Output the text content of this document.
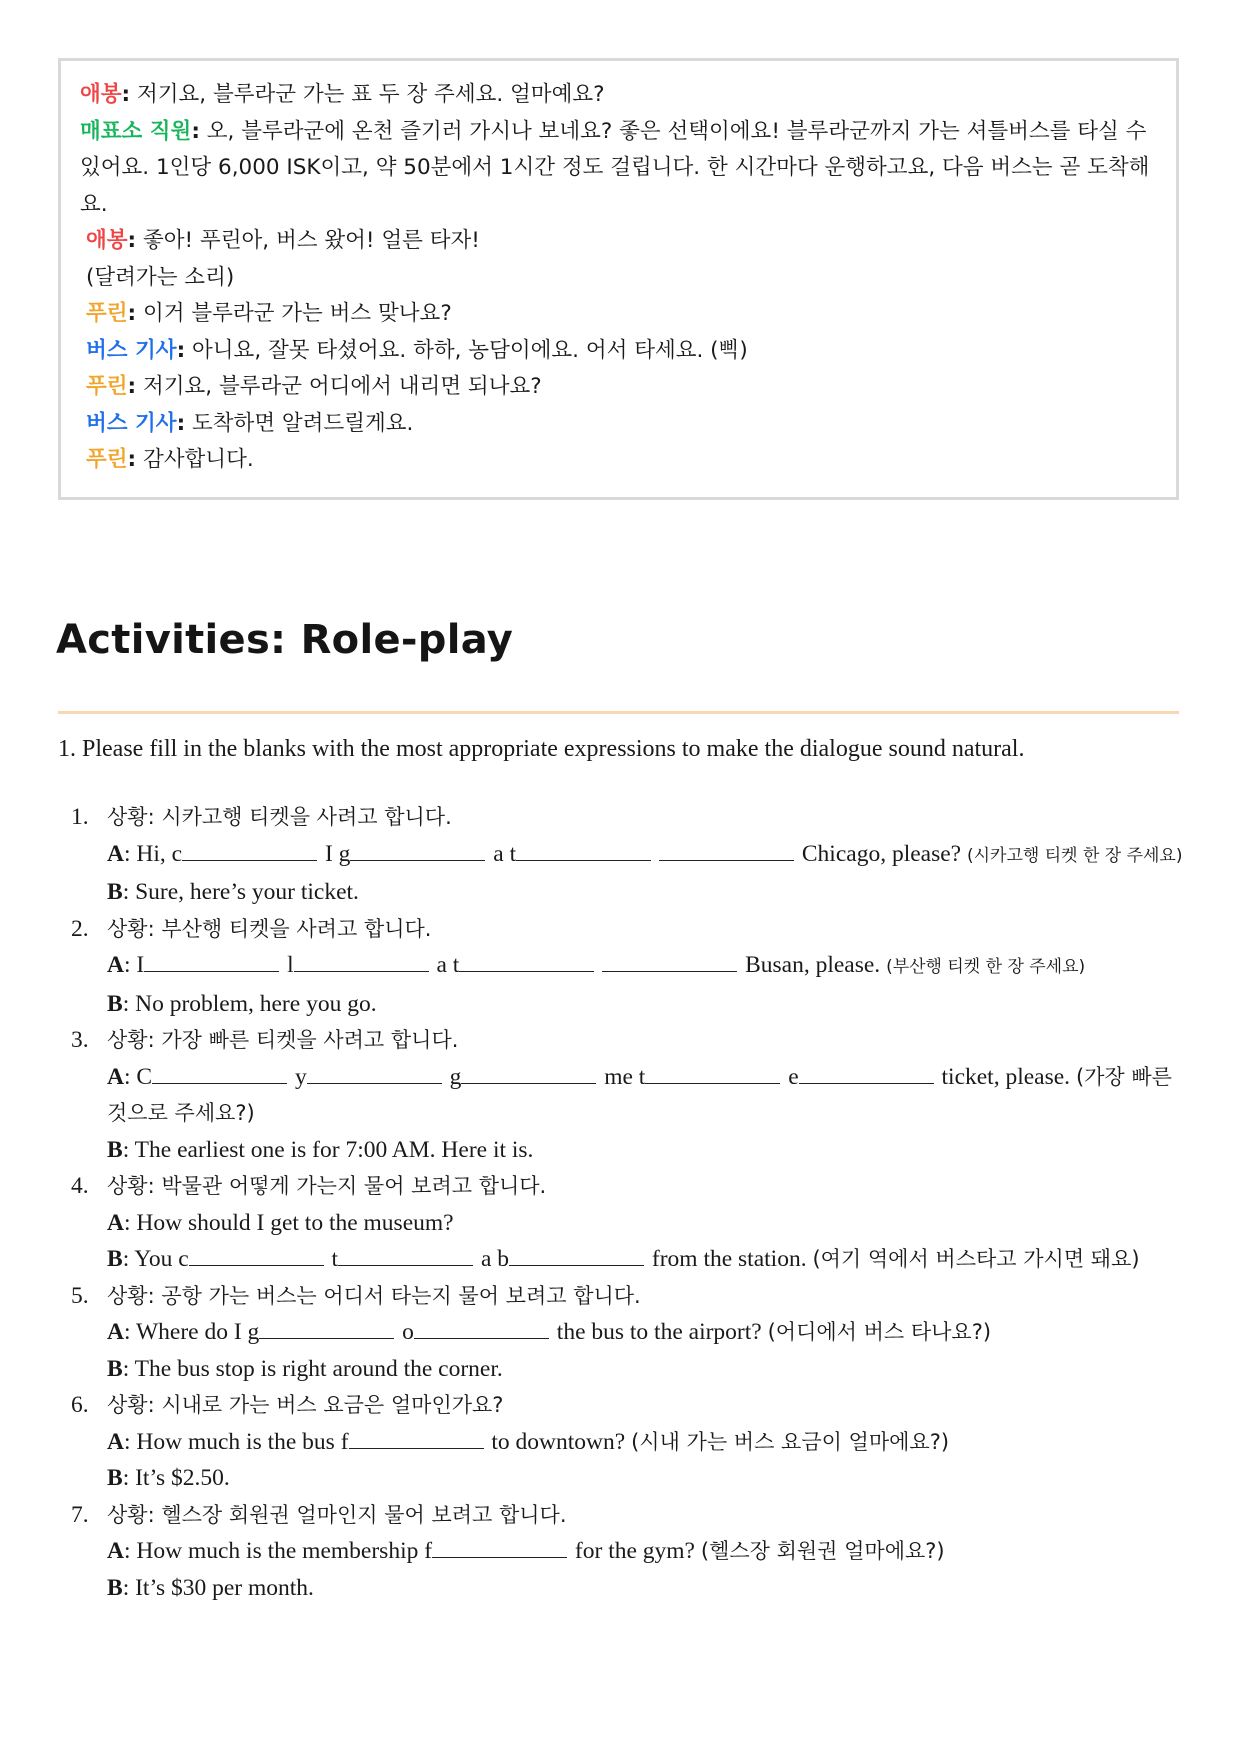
애봉: 저기요, 블루라군 가는 표 두 장 주세요. 얼마예요?
매표소 직원: 오, 블루라군에 온천 즐기러 가시나 보네요? 좋은 선택이에요! 블루라군까지 가는 셔틀버스를 타실 수 있어요. 1인당 6,000 ISK이고, 약 50분에서 1시간 정도 걸립니다. 한 시간마다 운행하고요, 다음 버스는 곧 도착해요.
애봉: 좋아! 푸린아, 버스 왔어! 얼른 타자!
(달려가는 소리)
푸린: 이거 블루라군 가는 버스 맞나요?
버스 기사: 아니요, 잘못 타셨어요. 하하, 농담이에요. 어서 타세요. (삑)
푸린: 저기요, 블루라군 어디에서 내리면 되나요?
버스 기사: 도착하면 알려드릴게요.
푸린: 감사합니다.
Activities: Role-play
1. Please fill in the blanks with the most appropriate expressions to make the dialogue sound natural.
1. 상황: 시카고행 티켓을 사려고 합니다.
A: Hi, c	I g	a t	Chicago, please? (시카고행 티켓 한 장 주세요)
B: Sure, here’s your ticket.
2. 상황: 부산행 티켓을 사려고 합니다.
A: I	l	a t	Busan, please. (부산행 티켓 한 장 주세요)
B: No problem, here you go.
3. 상황: 가장 빠른 티켓을 사려고 합니다.
A: C	y	g	me t	e	ticket, please. (가장 빠른 것으로 주세요?)
B: The earliest one is for 7:00 AM. Here it is.
4. 상황: 박물관 어떻게 가는지 물어 보려고 합니다.
A: How should I get to the museum?
B: You c	t	a b	from the station. (여기 역에서 버스타고 가시면 돼요)
5. 상황: 공항 가는 버스는 어디서 타는지 물어 보려고 합니다.
A: Where do I g	o	the bus to the airport? (어디에서 버스 타나요?)
B: The bus stop is right around the corner.
6. 상황: 시내로 가는 버스 요금은 얼마인가요?
A: How much is the bus f	to downtown? (시내 가는 버스 요금이 얼마에요?)
B: It’s $2.50.
7. 상황: 헬스장 회원권 얼마인지 물어 보려고 합니다.
A: How much is the membership f	for the gym? (헬스장 회원권 얼마에요?)
B: It’s $30 per month.
